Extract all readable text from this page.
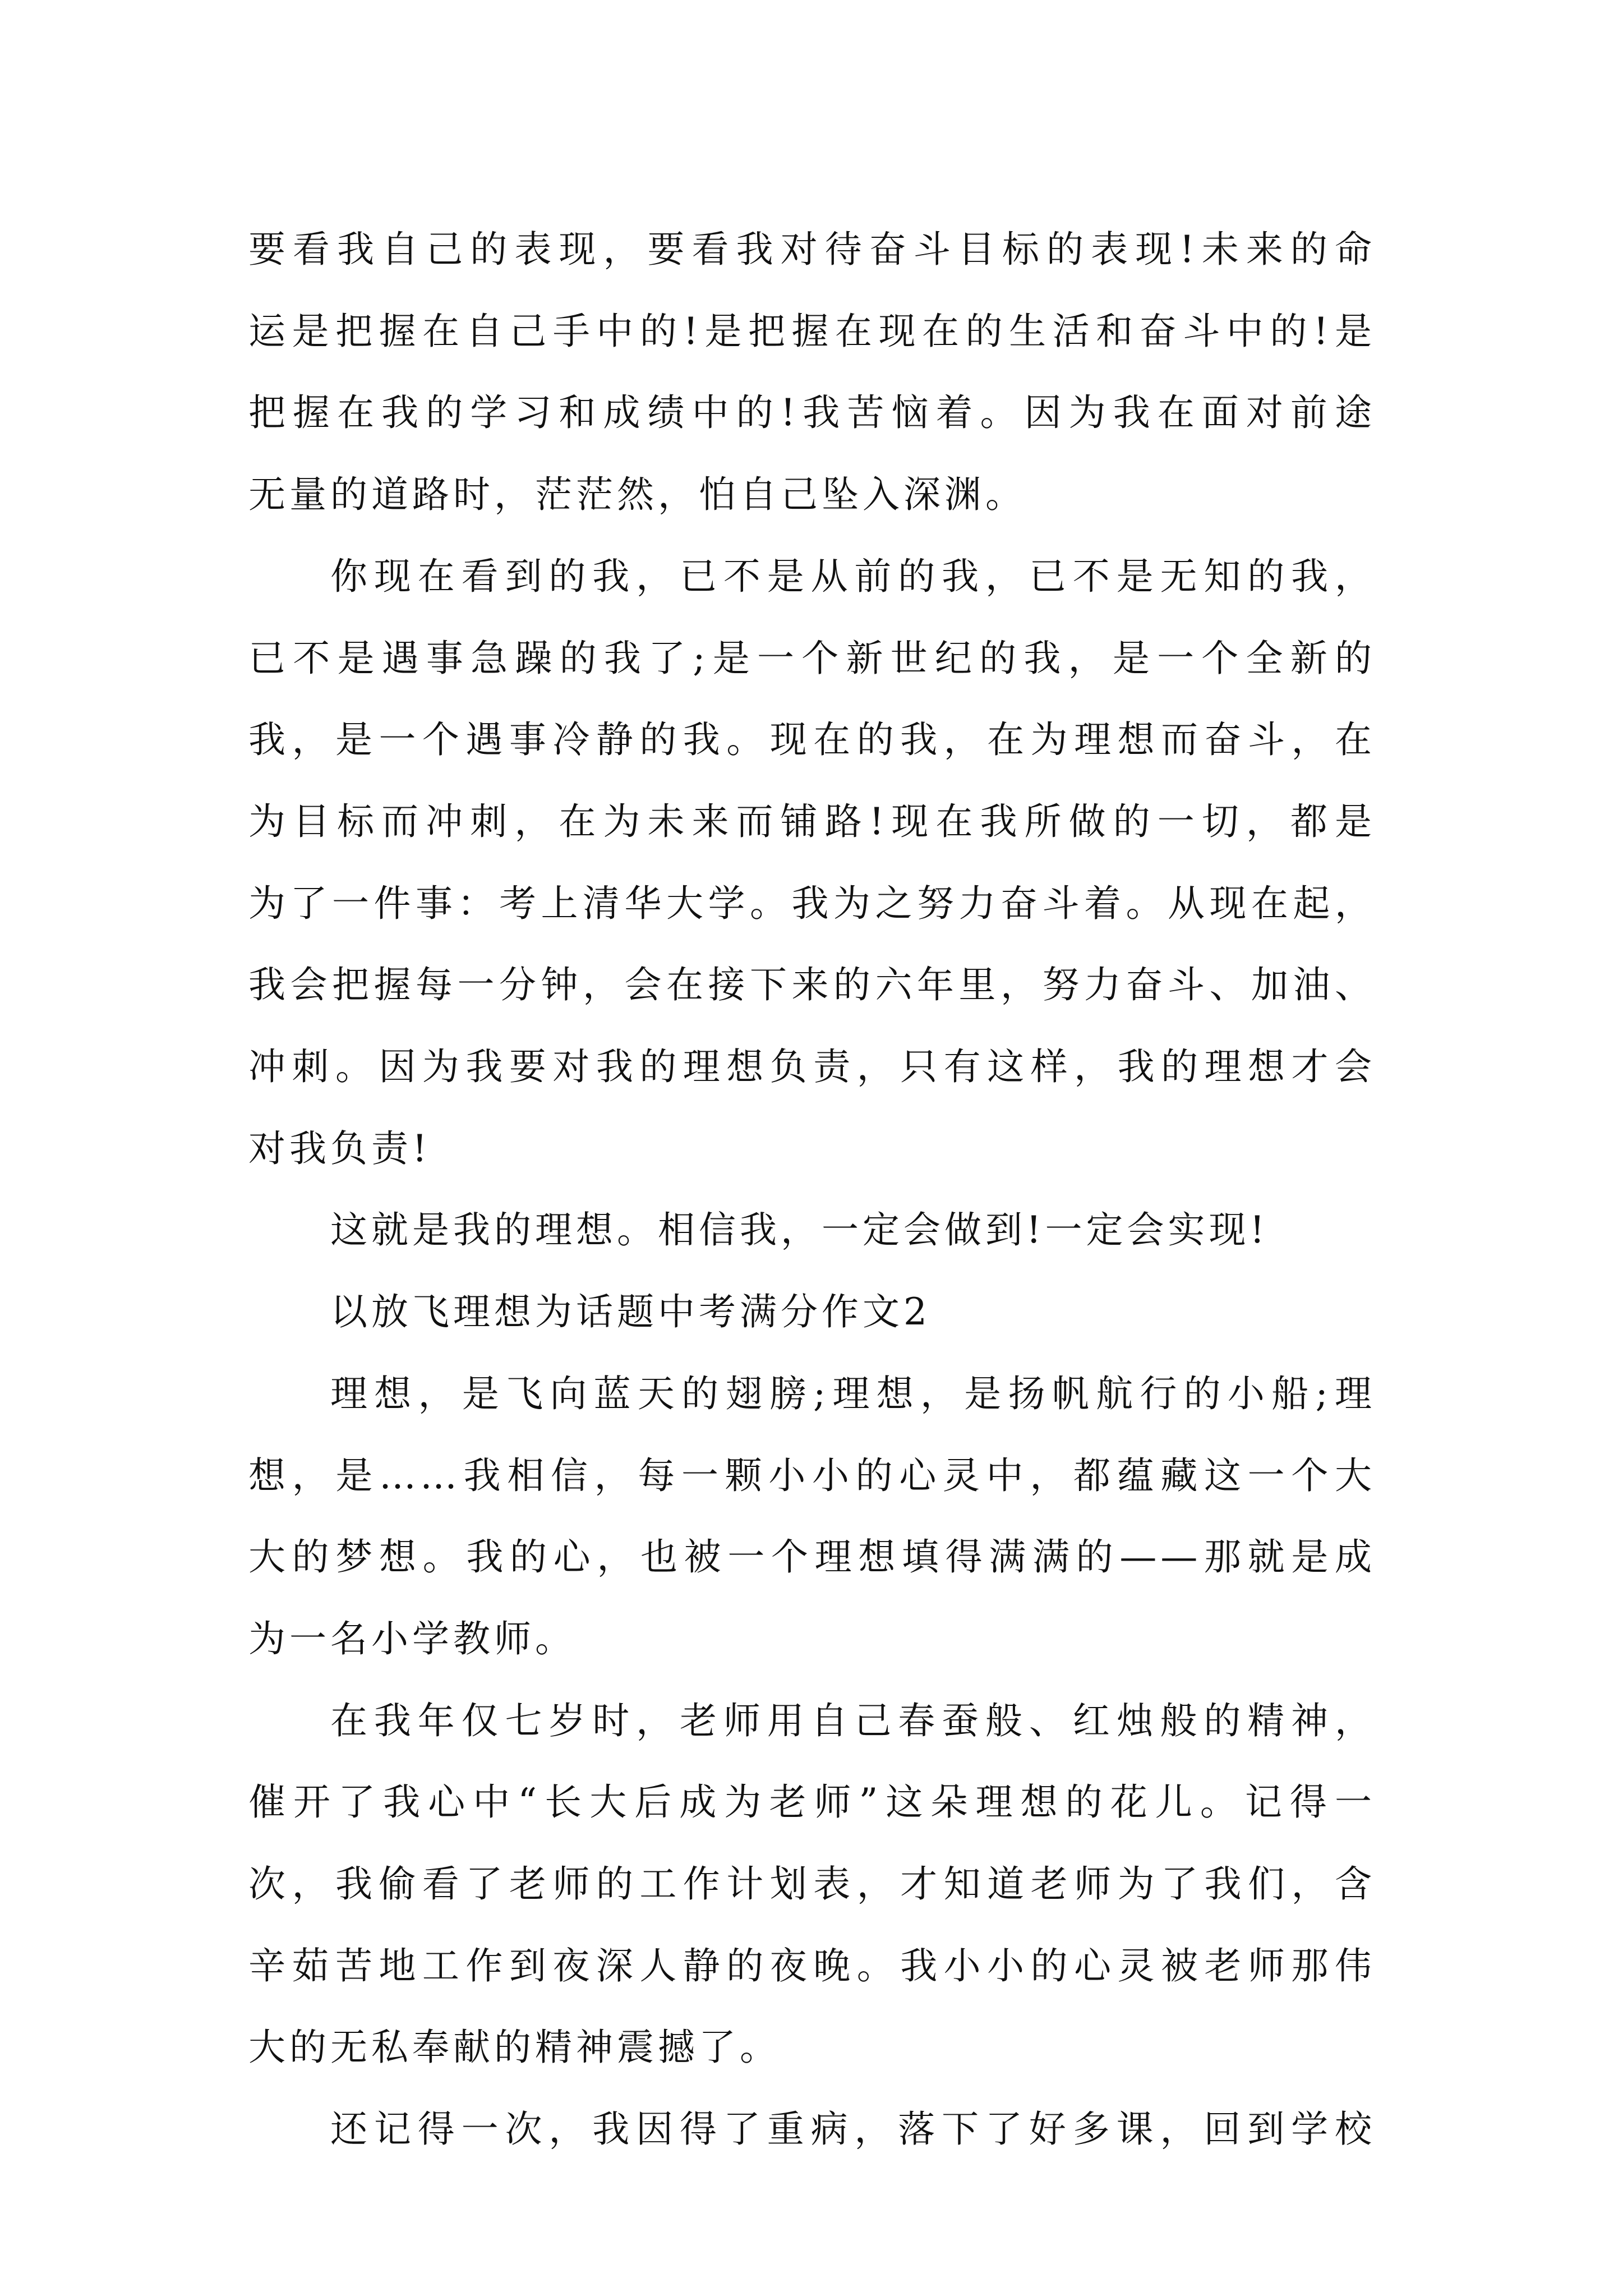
要看我自己的表现，要看我对待奋斗目标的表现!未来的命
运是把握在自己手中的!是把握在现在的生活和奋斗中的!是
把握在我的学习和成绩中的!我苦恼着。因为我在面对前途
无量的道路时，茫茫然，怕自己坠入深渊。

你现在看到的我，已不是从前的我，已不是无知的我，
已不是遇事急躁的我了;是一个新世纪的我，是一个全新的
我，是一个遇事冷静的我。现在的我，在为理想而奋斗，在
为目标而冲刺，在为未来而铺路!现在我所做的一切，都是
为了一件事：考上清华大学。我为之努力奋斗着。从现在起，
我会把握每一分钟，会在接下来的六年里，努力奋斗、加油、
冲刺。因为我要对我的理想负责，只有这样，我的理想才会
对我负责!

这就是我的理想。相信我，一定会做到!一定会实现!

以放飞理想为话题中考满分作文2

理想，是飞向蓝天的翅膀;理想，是扬帆航行的小船;理
想，是……我相信，每一颗小小的心灵中，都蕴藏这一个大
大的梦想。我的心，也被一个理想填得满满的——那就是成
为一名小学教师。

在我年仅七岁时，老师用自己春蚕般、红烛般的精神，
催开了我心中“长大后成为老师”这朵理想的花儿。记得一
次，我偷看了老师的工作计划表，才知道老师为了我们，含
辛茹苦地工作到夜深人静的夜晚。我小小的心灵被老师那伟
大的无私奉献的精神震撼了。

还记得一次，我因得了重病，落下了好多课，回到学校
